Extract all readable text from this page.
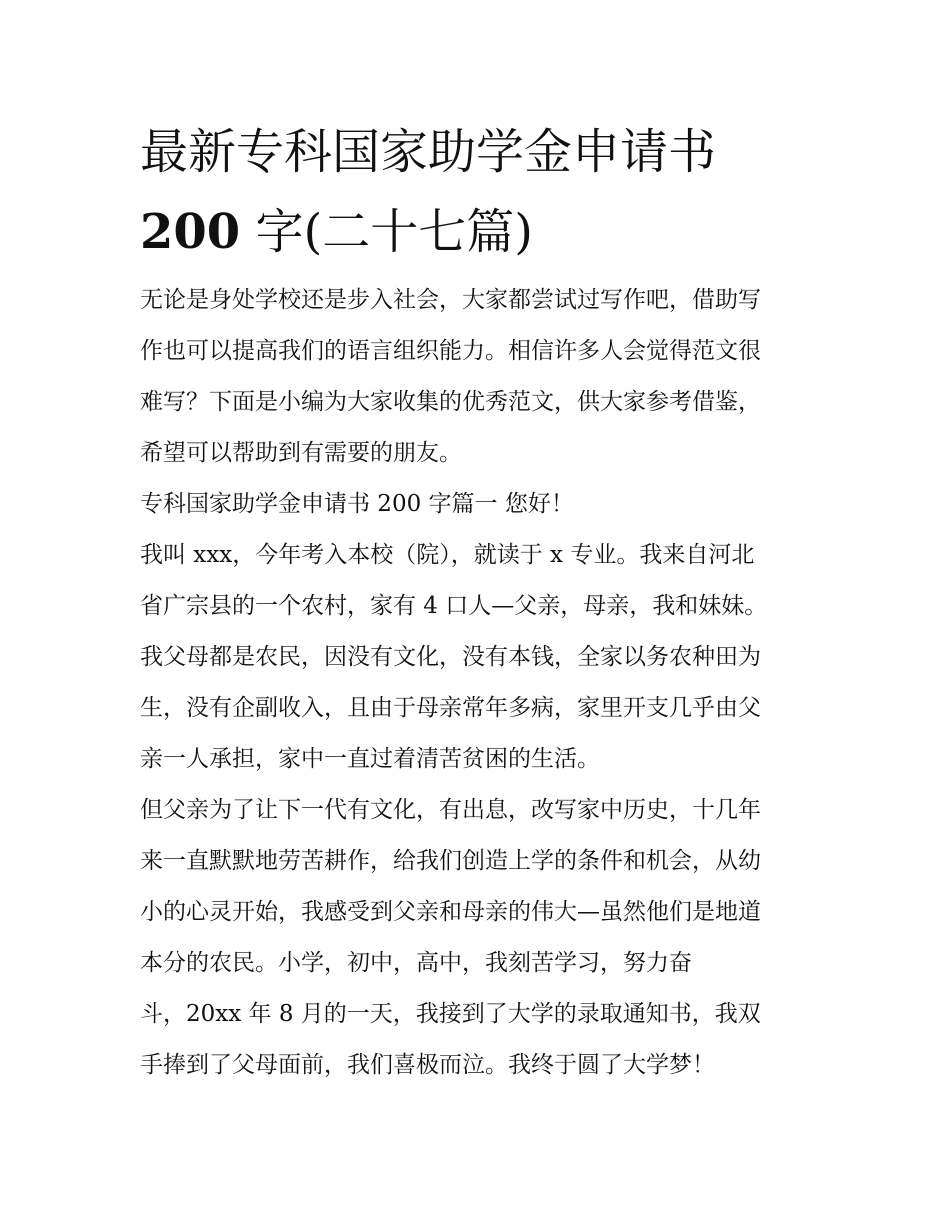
最新专科国家助学金申请书
200 字(二十七篇)
无论是身处学校还是步入社会，大家都尝试过写作吧，借助写
作也可以提高我们的语言组织能力。相信许多人会觉得范文很
难写？下面是小编为大家收集的优秀范文，供大家参考借鉴，
希望可以帮助到有需要的朋友。
专科国家助学金申请书 200 字篇一 您好！
我叫 xxx，今年考入本校（院），就读于 x 专业。我来自河北
省广宗县的一个农村，家有 4 口人—父亲，母亲，我和妹妹。
我父母都是农民，因没有文化，没有本钱，全家以务农种田为
生，没有企副收入，且由于母亲常年多病，家里开支几乎由父
亲一人承担，家中一直过着清苦贫困的生活。
但父亲为了让下一代有文化，有出息，改写家中历史，十几年
来一直默默地劳苦耕作，给我们创造上学的条件和机会，从幼
小的心灵开始，我感受到父亲和母亲的伟大—虽然他们是地道
本分的农民。小学，初中，高中，我刻苦学习，努力奋
斗，20xx 年 8 月的一天，我接到了大学的录取通知书，我双
手捧到了父母面前，我们喜极而泣。我终于圆了大学梦！
